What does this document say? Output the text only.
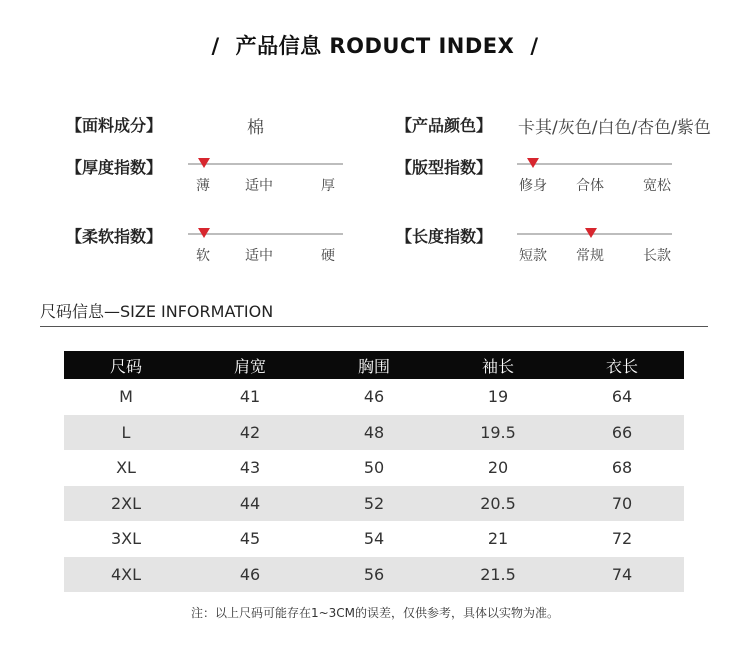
/ 产品信息 RODUCT INDEX /
【面料成分】	棉	【产品颜色】 卡其/灰色/白色/杏色/紫色
【厚度指数】
薄	适中	厚
【版型指数】
修身 合体	宽松
【柔软指数】
软	适中	硬
【长度指数】
短款 常规	长款
尺码信息—SIZE INFORMATION
尺码	肩宽	胸围	袖长	衣长
M	41	46	19	64
L	42	48	19.5	66
XL	43	50	20	68
2XL	44	52	20.5	70
3XL	45	54	21	72
4XL	46	56	21.5	74
注：以上尺码可能存在1~3CM的误差，仅供参考，具体以实物为准。
